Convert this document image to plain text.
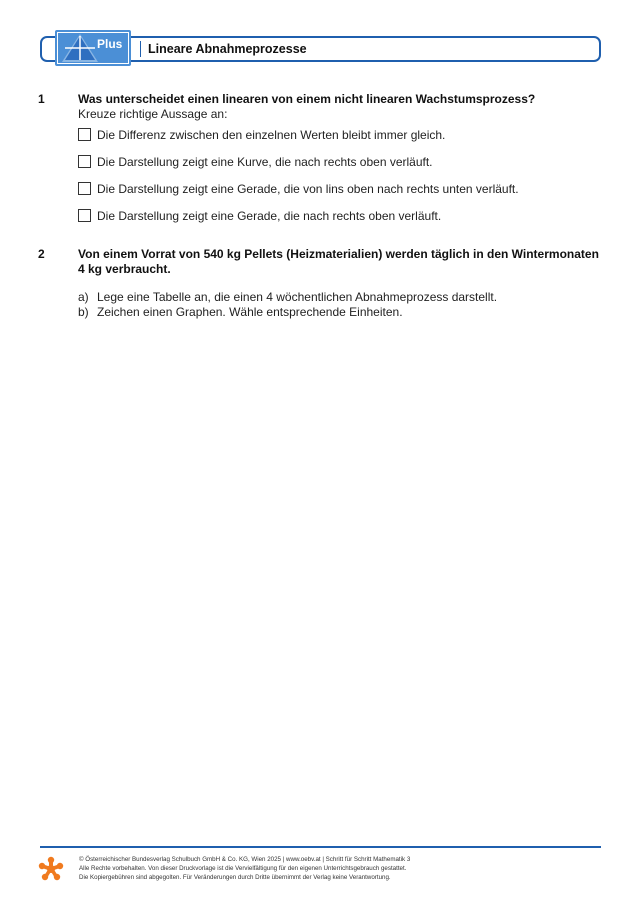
Lineare Abnahmeprozesse
Plus
1	Was unterscheidet einen linearen von einem nicht linearen Wachstumsprozess?
Kreuze richtige Aussage an:
Die Differenz zwischen den einzelnen Werten bleibt immer gleich.
Die Darstellung zeigt eine Kurve, die nach rechts oben verläuft.
Die Darstellung zeigt eine Gerade, die von lins oben nach rechts unten verläuft.
Die Darstellung zeigt eine Gerade, die nach rechts oben verläuft.
2	Von einem Vorrat von 540 kg Pellets (Heizmaterialien) werden täglich in den Wintermonaten
4 kg verbraucht.
a) Lege eine Tabelle an, die einen 4 wöchentlichen Abnahmeprozess darstellt.
b) Zeichen einen Graphen. Wähle entsprechende Einheiten.
© Österreichischer Bundesverlag Schulbuch GmbH & Co. KG, Wien 2025 | www.oebv.at | Schritt für Schritt Mathematik 3
Alle Rechte vorbehalten. Von dieser Druckvorlage ist die Vervielfältigung für den eigenen Unterrichtsgebrauch gestattet.
Die Kopiergebühren sind abgegolten. Für Veränderungen durch Dritte übernimmt der Verlag keine Verantwortung.
